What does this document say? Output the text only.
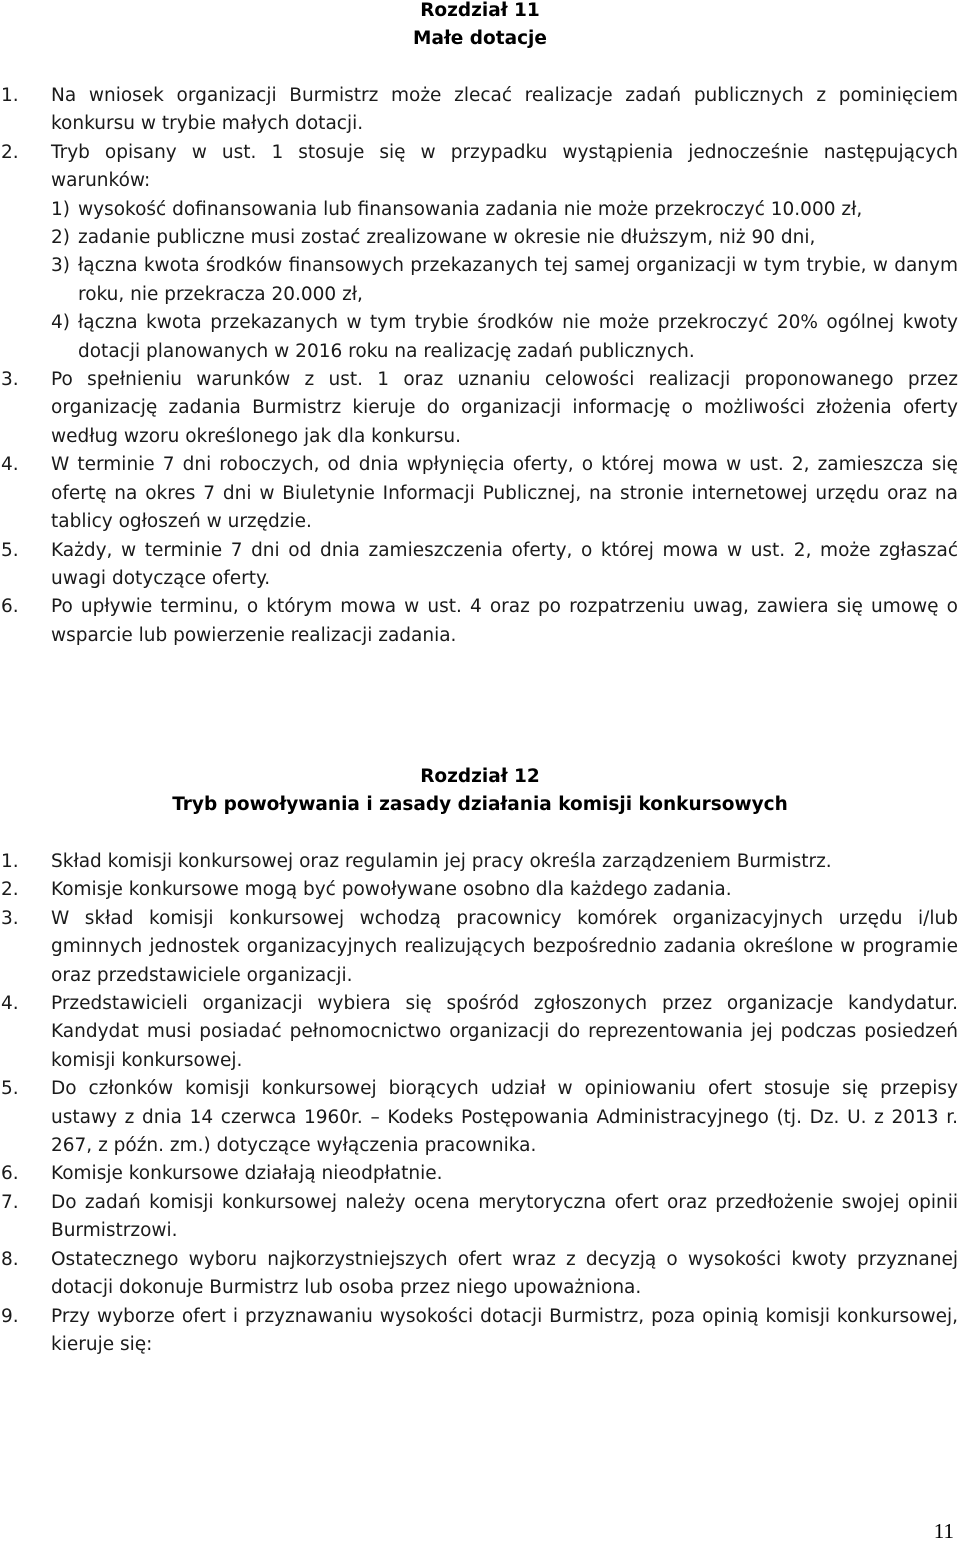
Rozdział 11
Małe dotacje
1. Na wniosek organizacji Burmistrz może zlecać realizacje zadań publicznych z pominięciem konkursu w trybie małych dotacji.
2. Tryb opisany w ust. 1 stosuje się w przypadku wystąpienia jednocześnie następujących warunków:
1) wysokość dofinansowania lub finansowania zadania nie może przekroczyć 10.000 zł,
2) zadanie publiczne musi zostać zrealizowane w okresie nie dłuższym, niż 90 dni,
3) łączna kwota środków finansowych przekazanych tej samej organizacji w tym trybie, w danym roku, nie przekracza 20.000 zł,
4) łączna kwota przekazanych w tym trybie środków nie może przekroczyć 20% ogólnej kwoty dotacji planowanych w 2016 roku na realizację zadań publicznych.
3. Po spełnieniu warunków z ust. 1 oraz uznaniu celowości realizacji proponowanego przez organizację zadania Burmistrz kieruje do organizacji informację o możliwości złożenia oferty według wzoru określonego jak dla konkursu.
4. W terminie 7 dni roboczych, od dnia wpłynięcia oferty, o której mowa w ust. 2, zamieszcza się ofertę na okres 7 dni w Biuletynie Informacji Publicznej, na stronie internetowej urzędu oraz na tablicy ogłoszeń w urzędzie.
5. Każdy, w terminie 7 dni od dnia zamieszczenia oferty, o której mowa w ust. 2, może zgłaszać uwagi dotyczące oferty.
6. Po upływie terminu, o którym mowa w ust. 4 oraz po rozpatrzeniu uwag, zawiera się umowę o wsparcie lub powierzenie realizacji zadania.
Rozdział 12
Tryb powoływania i zasady działania komisji konkursowych
1. Skład komisji konkursowej oraz regulamin jej pracy określa zarządzeniem Burmistrz.
2. Komisje konkursowe mogą być powoływane osobno dla każdego zadania.
3. W skład komisji konkursowej wchodzą pracownicy komórek organizacyjnych urzędu i/lub gminnych jednostek organizacyjnych realizujących bezpośrednio zadania określone w programie oraz przedstawiciele organizacji.
4. Przedstawicieli organizacji wybiera się spośród zgłoszonych przez organizacje kandydatur. Kandydat musi posiadać pełnomocnictwo organizacji do reprezentowania jej podczas posiedzeń komisji konkursowej.
5. Do członków komisji konkursowej biorących udział w opiniowaniu ofert stosuje się przepisy ustawy z dnia 14 czerwca 1960r. – Kodeks Postępowania Administracyjnego (tj. Dz. U. z 2013 r. 267, z późn. zm.) dotyczące wyłączenia pracownika.
6. Komisje konkursowe działają nieodpłatnie.
7. Do zadań komisji konkursowej należy ocena merytoryczna ofert oraz przedłożenie swojej opinii Burmistrzowi.
8. Ostatecznego wyboru najkorzystniejszych ofert wraz z decyzją o wysokości kwoty przyznanej dotacji dokonuje Burmistrz lub osoba przez niego upoważniona.
9. Przy wyborze ofert i przyznawaniu wysokości dotacji Burmistrz, poza opinią komisji konkursowej, kieruje się:
11
